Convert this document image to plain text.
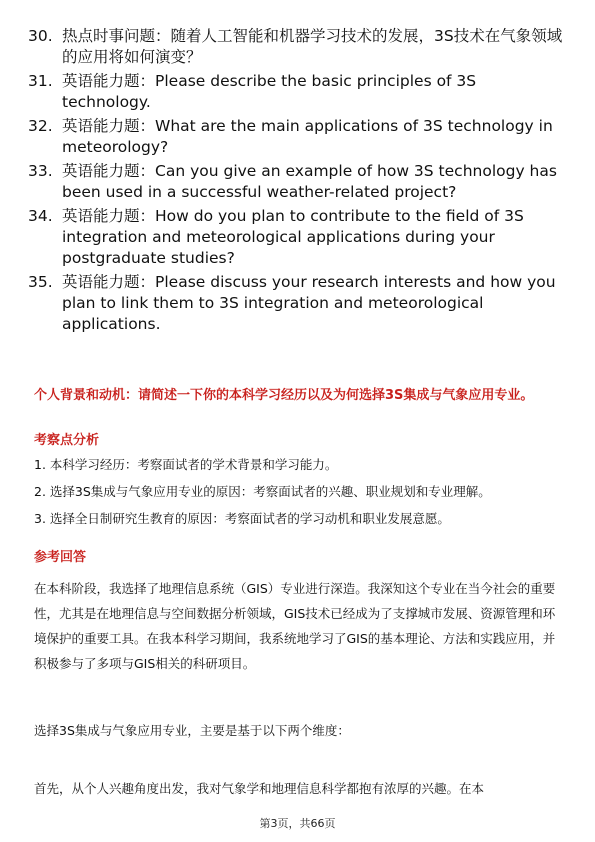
30. 热点时事问题：随着人工智能和机器学习技术的发展，3S技术在气象领域的应用将如何演变？
31. 英语能力题：Please describe the basic principles of 3S technology.
32. 英语能力题：What are the main applications of 3S technology in meteorology?
33. 英语能力题：Can you give an example of how 3S technology has been used in a successful weather-related project?
34. 英语能力题：How do you plan to contribute to the field of 3S integration and meteorological applications during your postgraduate studies?
35. 英语能力题：Please discuss your research interests and how you plan to link them to 3S integration and meteorological applications.
个人背景和动机：请简述一下你的本科学习经历以及为何选择3S集成与气象应用专业。
考察点分析
1. 本科学习经历：考察面试者的学术背景和学习能力。
2. 选择3S集成与气象应用专业的原因：考察面试者的兴趣、职业规划和专业理解。
3. 选择全日制研究生教育的原因：考察面试者的学习动机和职业发展意愿。
参考回答

在本科阶段，我选择了地理信息系统（GIS）专业进行深造。我深知这个专业在当今社会的重要性，尤其是在地理信息与空间数据分析领域，GIS技术已经成为了支撑城市发展、资源管理和环境保护的重要工具。在我本科学习期间，我系统地学习了GIS的基本理论、方法和实践应用，并积极参与了多项与GIS相关的科研项目。

选择3S集成与气象应用专业，主要是基于以下两个维度：

首先，从个人兴趣角度出发，我对气象学和地理信息科学都抱有浓厚的兴趣。在本

第3页，共66页
